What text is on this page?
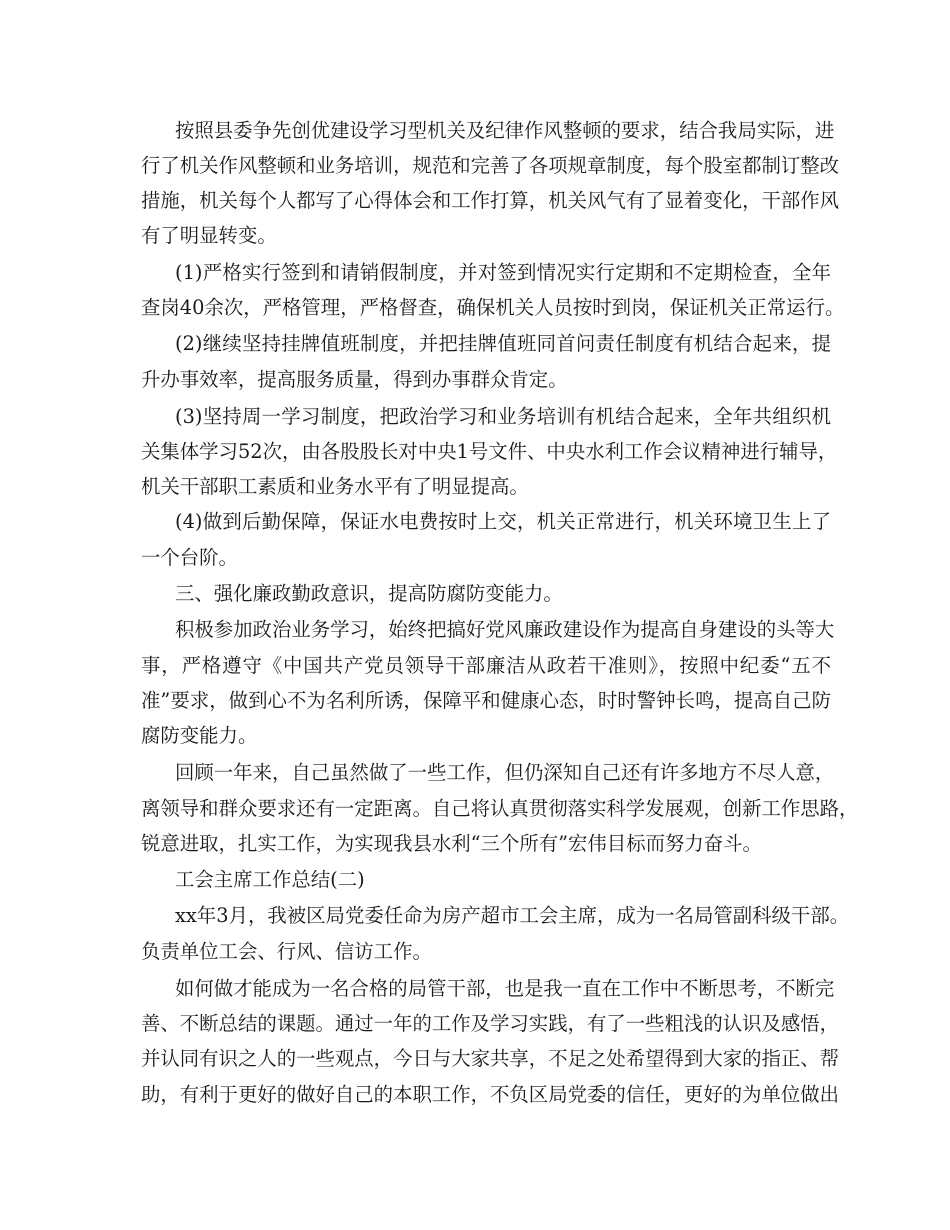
按照县委争先创优建设学习型机关及纪律作风整顿的要求，结合我局实际，进
行了机关作风整顿和业务培训，规范和完善了各项规章制度，每个股室都制订整改
措施，机关每个人都写了心得体会和工作打算，机关风气有了显着变化，干部作风
有了明显转变。
(1)严格实行签到和请销假制度，并对签到情况实行定期和不定期检查，全年
查岗40余次，严格管理，严格督查，确保机关人员按时到岗，保证机关正常运行。
(2)继续坚持挂牌值班制度，并把挂牌值班同首问责任制度有机结合起来，提
升办事效率，提高服务质量，得到办事群众肯定。
(3)坚持周一学习制度，把政治学习和业务培训有机结合起来，全年共组织机
关集体学习52次，由各股股长对中央1号文件、中央水利工作会议精神进行辅导，
机关干部职工素质和业务水平有了明显提高。
(4)做到后勤保障，保证水电费按时上交，机关正常进行，机关环境卫生上了
一个台阶。
三、强化廉政勤政意识，提高防腐防变能力。
积极参加政治业务学习，始终把搞好党风廉政建设作为提高自身建设的头等大
事，严格遵守《中国共产党员领导干部廉洁从政若干准则》，按照中纪委“五不
准”要求，做到心不为名利所诱，保障平和健康心态，时时警钟长鸣，提高自己防
腐防变能力。
回顾一年来，自己虽然做了一些工作，但仍深知自己还有许多地方不尽人意，
离领导和群众要求还有一定距离。自己将认真贯彻落实科学发展观，创新工作思路，
锐意进取，扎实工作，为实现我县水利“三个所有”宏伟目标而努力奋斗。
工会主席工作总结(二)
xx年3月，我被区局党委任命为房产超市工会主席，成为一名局管副科级干部。
负责单位工会、行风、信访工作。
如何做才能成为一名合格的局管干部，也是我一直在工作中不断思考，不断完
善、不断总结的课题。通过一年的工作及学习实践，有了一些粗浅的认识及感悟，
并认同有识之人的一些观点，今日与大家共享，不足之处希望得到大家的指正、帮
助，有利于更好的做好自己的本职工作，不负区局党委的信任，更好的为单位做出
